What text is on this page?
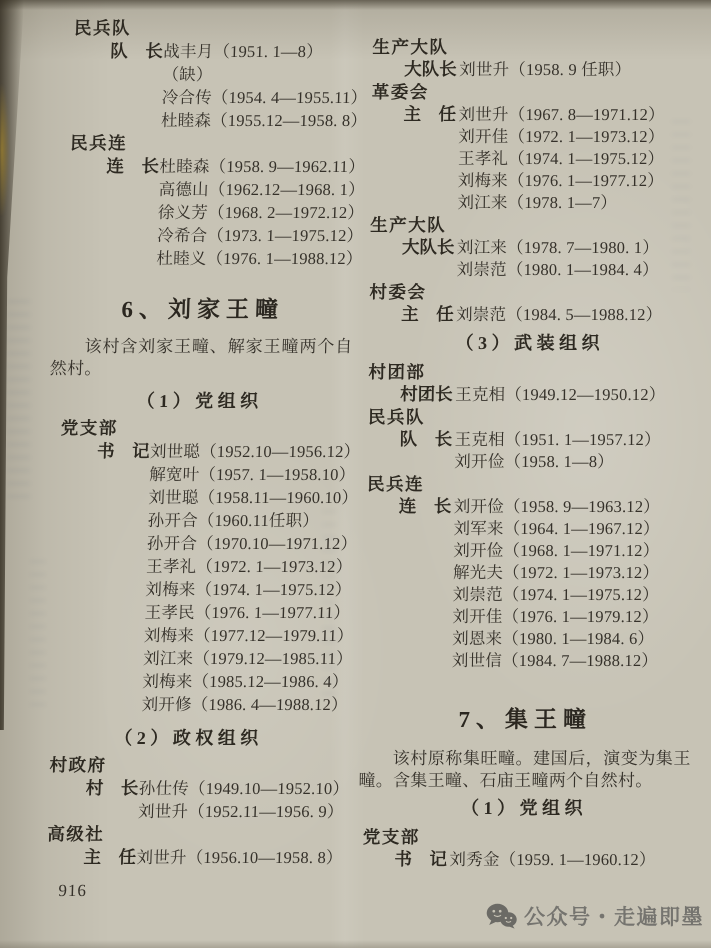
民兵队
队　长战丰月（1951. 1—8）
（缺）
冷合传（1954. 4—1955.11）
杜睦森（1955.12—1958. 8）
民兵连
连　长杜睦森（1958. 9—1962.11）
高德山（1962.12—1968. 1）
徐义芳（1968. 2—1972.12）
冷希合（1973. 1—1975.12）
杜睦义（1976. 1—1988.12）
6、刘家王疃
该村含刘家王疃、解家王疃两个自然村。
（1）党组织
党支部
书　记刘世聪（1952.10—1956.12）
解宽叶（1957. 1—1958.10）
刘世聪（1958.11—1960.10）
孙开合（1960.11任职）
孙开合（1970.10—1971.12）
王孝礼（1972. 1—1973.12）
刘梅来（1974. 1—1975.12）
王孝民（1976. 1—1977.11）
刘梅来（1977.12—1979.11）
刘江来（1979.12—1985.11）
刘梅来（1985.12—1986. 4）
刘开修（1986. 4—1988.12）
（2）政权组织
村政府
村　长孙仕传（1949.10—1952.10）
刘世升（1952.11—1956. 9）
高级社
主　任刘世升（1956.10—1958. 8）
916
生产大队
大队长 刘世升（1958. 9 任职）
革委会
主　任 刘世升（1967. 8—1971.12）
刘开佳（1972. 1—1973.12）
王孝礼（1974. 1—1975.12）
刘梅来（1976. 1—1977.12）
刘江来（1978. 1—7）
生产大队
大队长 刘江来（1978. 7—1980. 1）
刘崇范（1980. 1—1984. 4）
村委会
主　任 刘崇范（1984. 5—1988.12）
（3）武装组织
村团部
村团长 王克相（1949.12—1950.12）
民兵队
队　长 王克相（1951. 1—1957.12）
刘开俭（1958. 1—8）
民兵连
连　长 刘开俭（1958. 9—1963.12）
刘军来（1964. 1—1967.12）
刘开俭（1968. 1—1971.12）
解光夫（1972. 1—1973.12）
刘崇范（1974. 1—1975.12）
刘开佳（1976. 1—1979.12）
刘恩来（1980. 1—1984. 6）
刘世信（1984. 7—1988.12）
7、集王疃
该村原称集旺疃。建国后，演变为集王疃。含集王疃、石庙王疃两个自然村。
（1）党组织
党支部
书　记 刘秀金（1959. 1—1960.12）
公众号・走遍即墨
